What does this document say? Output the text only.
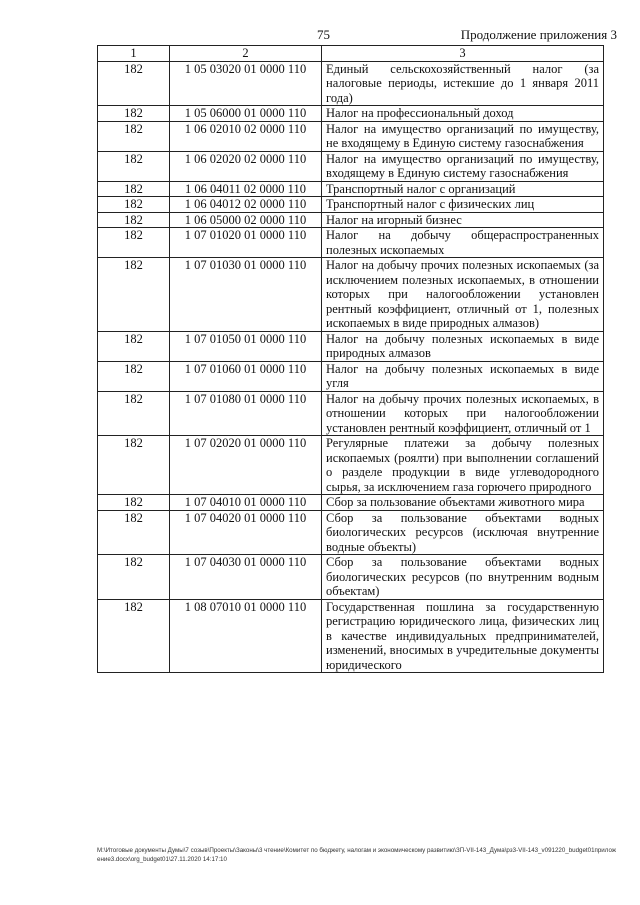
75	Продолжение приложения 3
1	2	3
182	1 05 03020 01 0000 110	Единый сельскохозяйственный налог (за налоговые периоды, истекшие до 1 января 2011 года)
182	1 05 06000 01 0000 110	Налог на профессиональный доход
182	1 06 02010 02 0000 110	Налог на имущество организаций по имуществу, не входящему в Единую систему газоснабжения
182	1 06 02020 02 0000 110	Налог на имущество организаций по имуществу, входящему в Единую систему газоснабжения
182	1 06 04011 02 0000 110	Транспортный налог с организаций
182	1 06 04012 02 0000 110	Транспортный налог с физических лиц
182	1 06 05000 02 0000 110	Налог на игорный бизнес
182	1 07 01020 01 0000 110	Налог на добычу общераспространенных полезных ископаемых
182	1 07 01030 01 0000 110	Налог на добычу прочих полезных ископаемых (за исключением полезных ископаемых, в отношении которых при налогообложении установлен рентный коэффициент, отличный от 1, полезных ископаемых в виде природных алмазов)
182	1 07 01050 01 0000 110	Налог на добычу полезных ископаемых в виде природных алмазов
182	1 07 01060 01 0000 110	Налог на добычу полезных ископаемых в виде угля
182	1 07 01080 01 0000 110	Налог на добычу прочих полезных ископаемых, в отношении которых при налогообложении установлен рентный коэффициент, отличный от 1
182	1 07 02020 01 0000 110	Регулярные платежи за добычу полезных ископаемых (роялти) при выполнении соглашений о разделе продукции в виде углеводородного сырья, за исключением газа горючего природного
182	1 07 04010 01 0000 110	Сбор за пользование объектами животного мира
182	1 07 04020 01 0000 110	Сбор за пользование объектами водных биологических ресурсов (исключая внутренние водные объекты)
182	1 07 04030 01 0000 110	Сбор за пользование объектами водных биологических ресурсов (по внутренним водным объектам)
182	1 08 07010 01 0000 110	Государственная пошлина за государственную регистрацию юридического лица, физических лиц в качестве индивидуальных предпринимателей, изменений, вносимых в учредительные документы юридического
М:\Итоговые документы Думы\7 созыв\Проекты\Законы\3 чтение\Комитет по бюджету, налогам и экономическому развитию\ЗП-VII-143_Дума\рз3-VII-143_v091220_budget01приложение3.docx\org_budget01\27.11.2020 14:17:10
